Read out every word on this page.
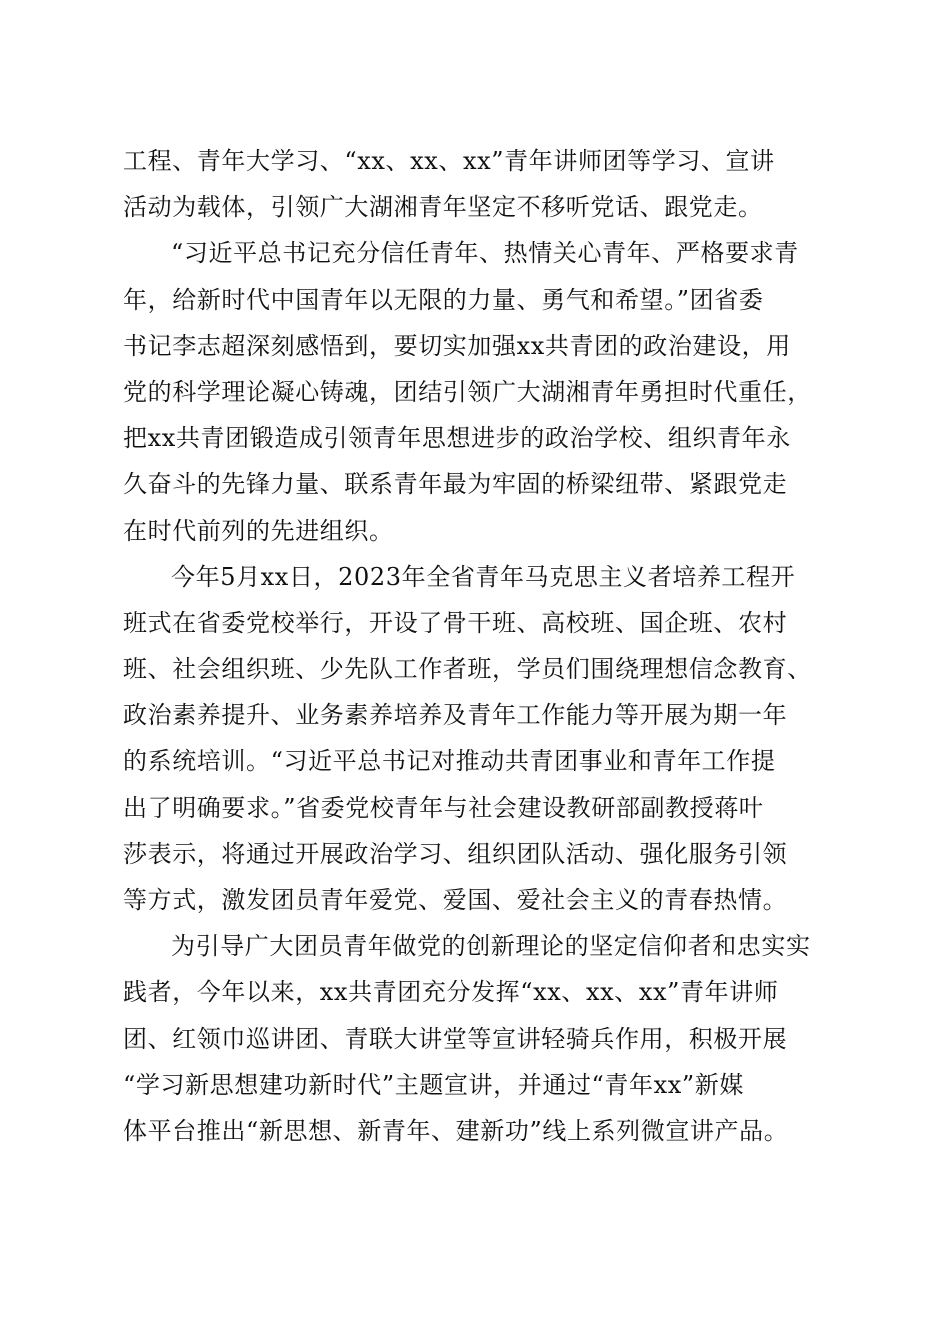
工程、青年大学习、“xx、xx、xx”青年讲师团等学习、宣讲
活动为载体，引领广大湖湘青年坚定不移听党话、跟党走。
“习近平总书记充分信任青年、热情关心青年、严格要求青
年，给新时代中国青年以无限的力量、勇气和希望。”团省委
书记李志超深刻感悟到，要切实加强xx共青团的政治建设，用
党的科学理论凝心铸魂，团结引领广大湖湘青年勇担时代重任，
把xx共青团锻造成引领青年思想进步的政治学校、组织青年永
久奋斗的先锋力量、联系青年最为牢固的桥梁纽带、紧跟党走
在时代前列的先进组织。
今年5月xx日，2023年全省青年马克思主义者培养工程开
班式在省委党校举行，开设了骨干班、高校班、国企班、农村
班、社会组织班、少先队工作者班，学员们围绕理想信念教育、
政治素养提升、业务素养培养及青年工作能力等开展为期一年
的系统培训。“习近平总书记对推动共青团事业和青年工作提
出了明确要求。”省委党校青年与社会建设教研部副教授蒋叶
莎表示，将通过开展政治学习、组织团队活动、强化服务引领
等方式，激发团员青年爱党、爱国、爱社会主义的青春热情。
为引导广大团员青年做党的创新理论的坚定信仰者和忠实实
践者，今年以来，xx共青团充分发挥“xx、xx、xx”青年讲师
团、红领巾巡讲团、青联大讲堂等宣讲轻骑兵作用，积极开展
“学习新思想建功新时代”主题宣讲，并通过“青年xx”新媒
体平台推出“新思想、新青年、建新功”线上系列微宣讲产品。
